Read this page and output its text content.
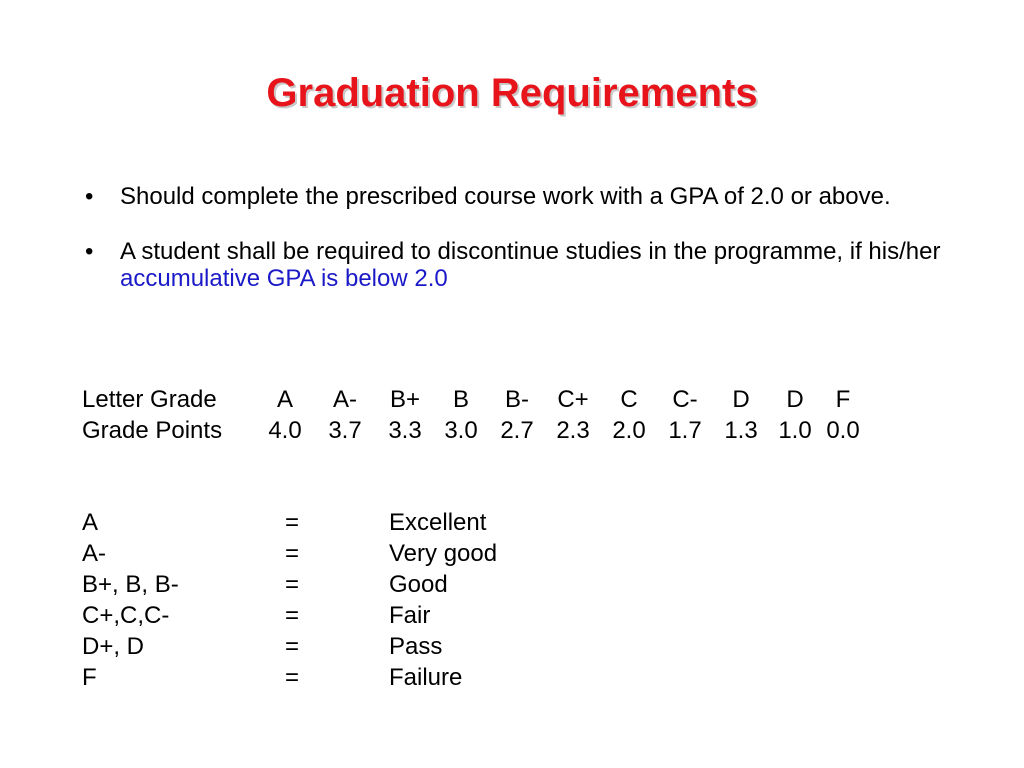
Graduation Requirements
• Should complete the prescribed course work with a GPA of 2.0 or above.
• A student shall be required to discontinue studies in the programme, if his/her accumulative GPA is below 2.0
Letter Grade	A	A-	B+	B	B-	C+	C	C-	D	D	F
Grade Points	4.0	3.7	3.3 3.0 2.7 2.3 2.0 1.7 1.3 1.0 0.0
A	=	Excellent
A-	=	Very good
B+, B, B-	=	Good
C+,C,C-	=	Fair
D+, D	=	Pass
F	=	Failure
